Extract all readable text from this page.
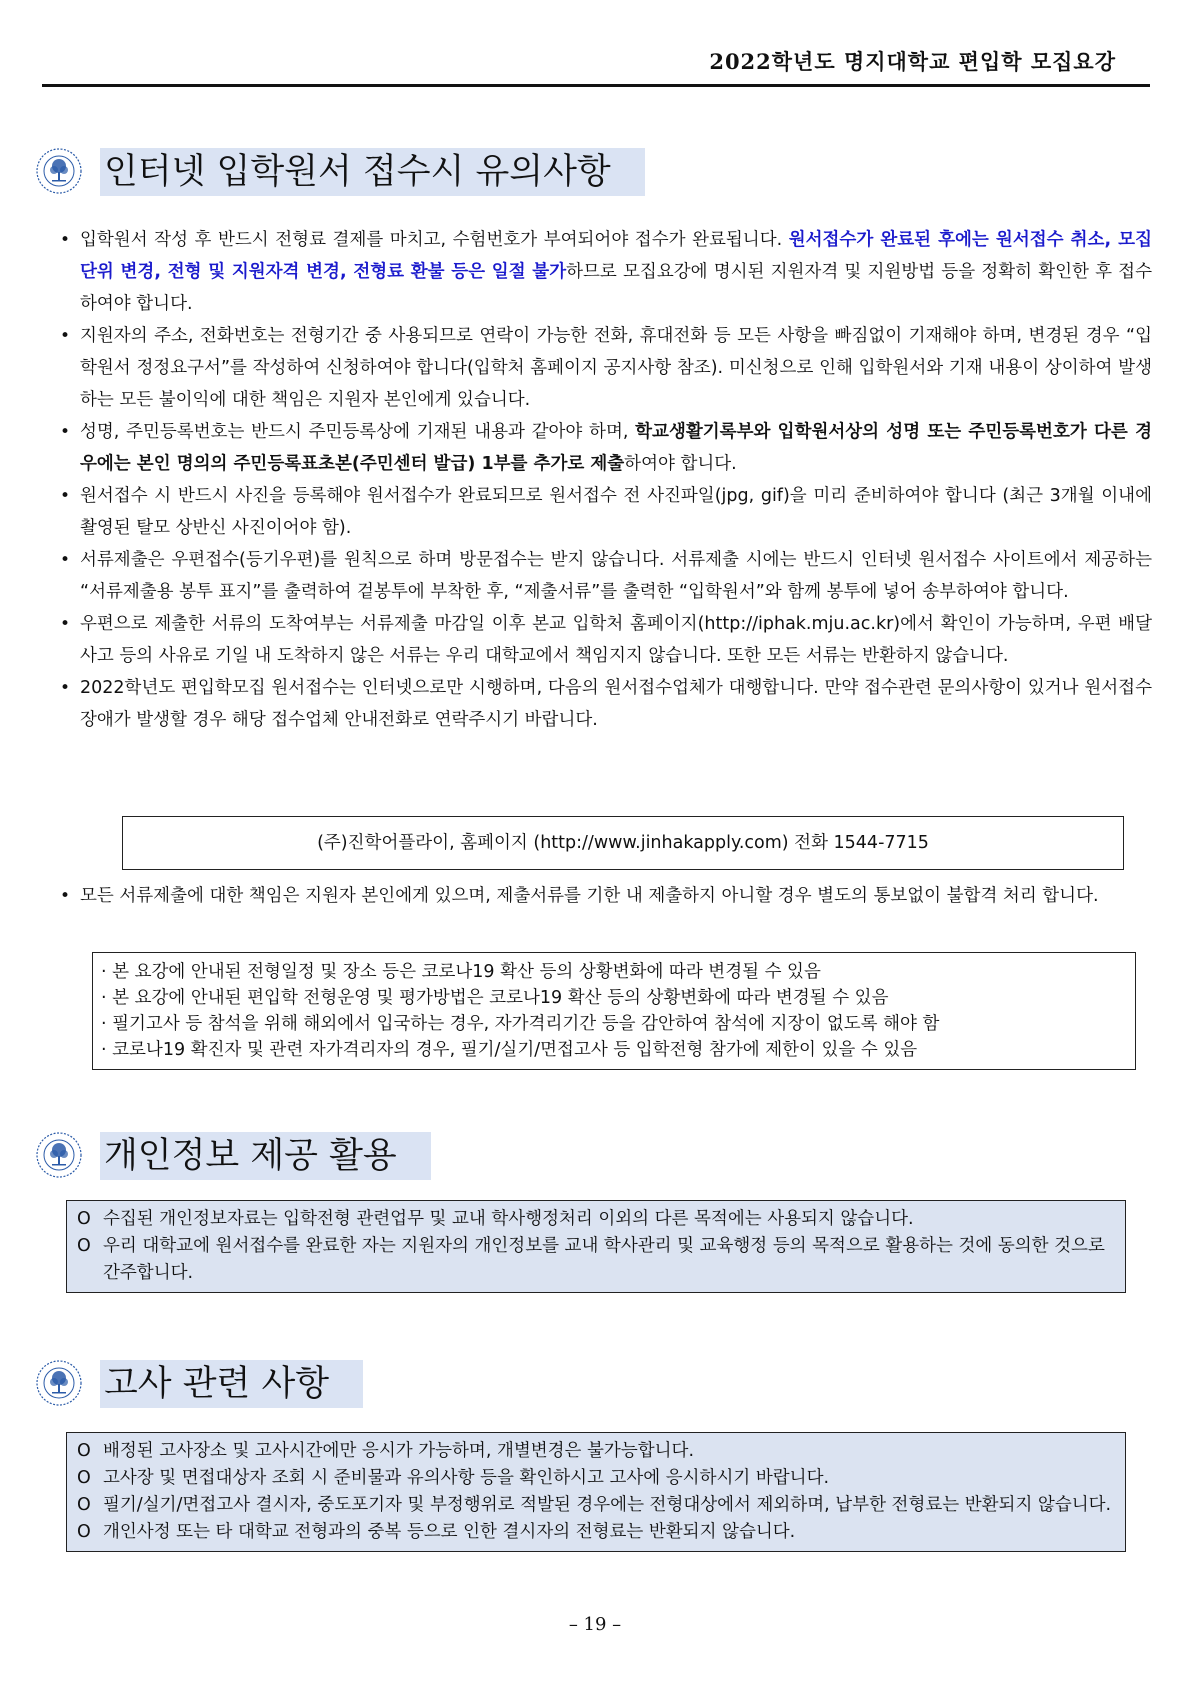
2022학년도 명지대학교 편입학 모집요강
인터넷 입학원서 접수시 유의사항
• 입학원서 작성 후 반드시 전형료 결제를 마치고, 수험번호가 부여되어야 접수가 완료됩니다. 원서접수가 완료된 후에는 원서접수 취소, 모집단위 변경, 전형 및 지원자격 변경, 전형료 환불 등은 일절 불가하므로 모집요강에 명시된 지원자격 및 지원방법 등을 정확히 확인한 후 접수하여야 합니다.
• 지원자의 주소, 전화번호는 전형기간 중 사용되므로 연락이 가능한 전화, 휴대전화 등 모든 사항을 빠짐없이 기재해야 하며, 변경된 경우 “입학원서 정정요구서”를 작성하여 신청하여야 합니다(입학처 홈페이지 공지사항 참조). 미신청으로 인해 입학원서와 기재 내용이 상이하여 발생하는 모든 불이익에 대한 책임은 지원자 본인에게 있습니다.
• 성명, 주민등록번호는 반드시 주민등록상에 기재된 내용과 같아야 하며, 학교생활기록부와 입학원서상의 성명 또는 주민등록번호가 다른 경우에는 본인 명의의 주민등록표초본(주민센터 발급) 1부를 추가로 제출하여야 합니다.
• 원서접수 시 반드시 사진을 등록해야 원서접수가 완료되므로 원서접수 전 사진파일(jpg, gif)을 미리 준비하여야 합니다 (최근 3개월 이내에 촬영된 탈모 상반신 사진이어야 함).
• 서류제출은 우편접수(등기우편)를 원칙으로 하며 방문접수는 받지 않습니다. 서류제출 시에는 반드시 인터넷 원서접수 사이트에서 제공하는 “서류제출용 봉투 표지”를 출력하여 겉봉투에 부착한 후, “제출서류”를 출력한 “입학원서”와 함께 봉투에 넣어 송부하여야 합니다.
• 우편으로 제출한 서류의 도착여부는 서류제출 마감일 이후 본교 입학처 홈페이지(http://iphak.mju.ac.kr)에서 확인이 가능하며, 우편 배달사고 등의 사유로 기일 내 도착하지 않은 서류는 우리 대학교에서 책임지지 않습니다. 또한 모든 서류는 반환하지 않습니다.
• 2022학년도 편입학모집 원서접수는 인터넷으로만 시행하며, 다음의 원서접수업체가 대행합니다. 만약 접수관련 문의사항이 있거나 원서접수 장애가 발생할 경우 해당 접수업체 안내전화로 연락주시기 바랍니다.
(주)진학어플라이, 홈페이지 (http://www.jinhakapply.com) 전화 1544-7715
• 모든 서류제출에 대한 책임은 지원자 본인에게 있으며, 제출서류를 기한 내 제출하지 아니할 경우 별도의 통보없이 불합격 처리 합니다.
· 본 요강에 안내된 전형일정 및 장소 등은 코로나19 확산 등의 상황변화에 따라 변경될 수 있음
· 본 요강에 안내된 편입학 전형운영 및 평가방법은 코로나19 확산 등의 상황변화에 따라 변경될 수 있음
· 필기고사 등 참석을 위해 해외에서 입국하는 경우, 자가격리기간 등을 감안하여 참석에 지장이 없도록 해야 함
· 코로나19 확진자 및 관련 자가격리자의 경우, 필기/실기/면접고사 등 입학전형 참가에 제한이 있을 수 있음
개인정보 제공 활용
O 수집된 개인정보자료는 입학전형 관련업무 및 교내 학사행정처리 이외의 다른 목적에는 사용되지 않습니다.
O 우리 대학교에 원서접수를 완료한 자는 지원자의 개인정보를 교내 학사관리 및 교육행정 등의 목적으로 활용하는 것에 동의한 것으로 간주합니다.
고사 관련 사항
O 배정된 고사장소 및 고사시간에만 응시가 가능하며, 개별변경은 불가능합니다.
O 고사장 및 면접대상자 조회 시 준비물과 유의사항 등을 확인하시고 고사에 응시하시기 바랍니다.
O 필기/실기/면접고사 결시자, 중도포기자 및 부정행위로 적발된 경우에는 전형대상에서 제외하며, 납부한 전형료는 반환되지 않습니다.
O 개인사정 또는 타 대학교 전형과의 중복 등으로 인한 결시자의 전형료는 반환되지 않습니다.
– 19 –
